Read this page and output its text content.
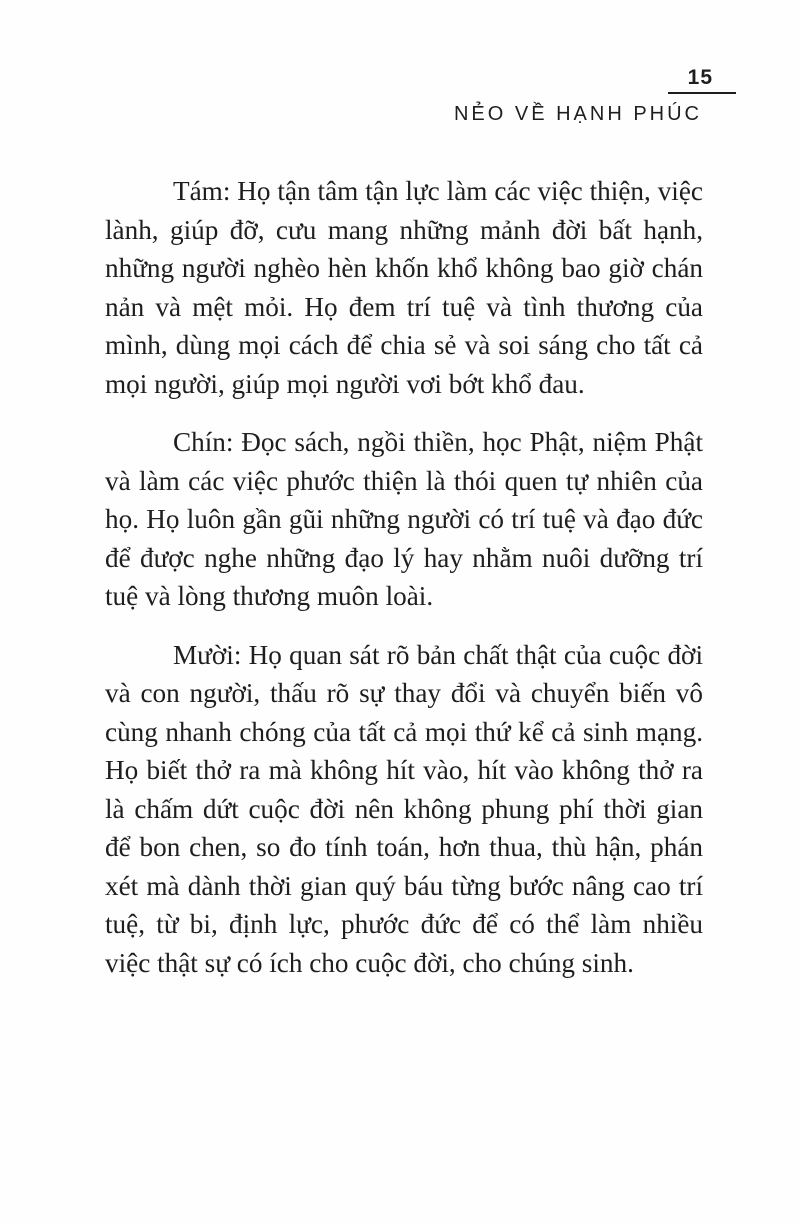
15
NẺO VỀ HẠNH PHÚC

Tám: Họ tận tâm tận lực làm các việc thiện, việc lành, giúp đỡ, cưu mang những mảnh đời bất hạnh, những người nghèo hèn khốn khổ không bao giờ chán nản và mệt mỏi. Họ đem trí tuệ và tình thương của mình, dùng mọi cách để chia sẻ và soi sáng cho tất cả mọi người, giúp mọi người vơi bớt khổ đau.

Chín: Đọc sách, ngồi thiền, học Phật, niệm Phật và làm các việc phước thiện là thói quen tự nhiên của họ. Họ luôn gần gũi những người có trí tuệ và đạo đức để được nghe những đạo lý hay nhằm nuôi dưỡng trí tuệ và lòng thương muôn loài.

Mười: Họ quan sát rõ bản chất thật của cuộc đời và con người, thấu rõ sự thay đổi và chuyển biến vô cùng nhanh chóng của tất cả mọi thứ kể cả sinh mạng. Họ biết thở ra mà không hít vào, hít vào không thở ra là chấm dứt cuộc đời nên không phung phí thời gian để bon chen, so đo tính toán, hơn thua, thù hận, phán xét mà dành thời gian quý báu từng bước nâng cao trí tuệ, từ bi, định lực, phước đức để có thể làm nhiều việc thật sự có ích cho cuộc đời, cho chúng sinh.
